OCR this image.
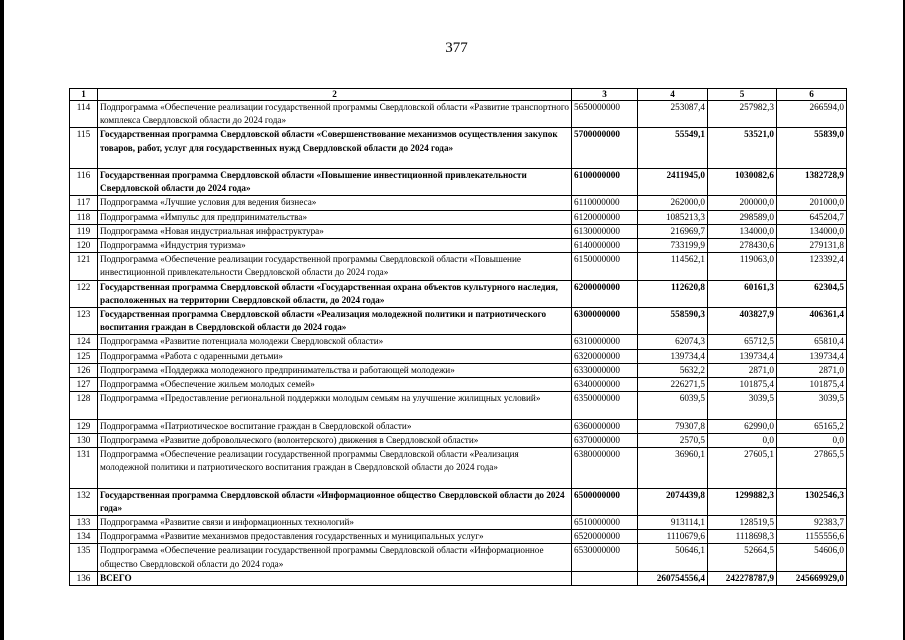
377
1	2	3	4	5	6
114	Подпрограмма «Обеспечение реализации государственной программы Свердловской области «Развитие транспортного комплекса Свердловской области до 2024 года»	5650000000	253087,4	257982,3	266594,0
115	Государственная программа Свердловской области «Совершенствование механизмов осуществления закупок товаров, работ, услуг для государственных нужд Свердловской области до 2024 года»	5700000000	55549,1	53521,0	55839,0
116	Государственная программа Свердловской области «Повышение инвестиционной привлекательности Свердловской области до 2024 года»	6100000000	2411945,0	1030082,6	1382728,9
117	Подпрограмма «Лучшие условия для ведения бизнеса»	6110000000	262000,0	200000,0	201000,0
118	Подпрограмма «Импульс для предпринимательства»	6120000000	1085213,3	298589,0	645204,7
119	Подпрограмма «Новая индустриальная инфраструктура»	6130000000	216969,7	134000,0	134000,0
120	Подпрограмма «Индустрия туризма»	6140000000	733199,9	278430,6	279131,8
121	Подпрограмма «Обеспечение реализации государственной программы Свердловской области «Повышение инвестиционной привлекательности Свердловской области до 2024 года»	6150000000	114562,1	119063,0	123392,4
122	Государственная программа Свердловской области «Государственная охрана объектов культурного наследия, расположенных на территории Свердловской области, до 2024 года»	6200000000	112620,8	60161,3	62304,5
123	Государственная программа Свердловской области «Реализация молодежной политики и патриотического воспитания граждан в Свердловской области до 2024 года»	6300000000	558590,3	403827,9	406361,4
124	Подпрограмма «Развитие потенциала молодежи Свердловской области»	6310000000	62074,3	65712,5	65810,4
125	Подпрограмма «Работа с одаренными детьми»	6320000000	139734,4	139734,4	139734,4
126	Подпрограмма «Поддержка молодежного предпринимательства и работающей молодежи»	6330000000	5632,2	2871,0	2871,0
127	Подпрограмма «Обеспечение жильем молодых семей»	6340000000	226271,5	101875,4	101875,4
128	Подпрограмма «Предоставление региональной поддержки молодым семьям на улучшение жилищных условий»	6350000000	6039,5	3039,5	3039,5
129	Подпрограмма «Патриотическое воспитание граждан в Свердловской области»	6360000000	79307,8	62990,0	65165,2
130	Подпрограмма «Развитие добровольческого (волонтерского) движения в Свердловской области»	6370000000	2570,5	0,0	0,0
131	Подпрограмма «Обеспечение реализации государственной программы Свердловской области «Реализация молодежной политики и патриотического воспитания граждан в Свердловской области до 2024 года»	6380000000	36960,1	27605,1	27865,5
132	Государственная программа Свердловской области «Информационное общество Свердловской области до 2024 года»	6500000000	2074439,8	1299882,3	1302546,3
133	Подпрограмма «Развитие связи и информационных технологий»	6510000000	913114,1	128519,5	92383,7
134	Подпрограмма «Развитие механизмов предоставления государственных и муниципальных услуг»	6520000000	1110679,6	1118698,3	1155556,6
135	Подпрограмма «Обеспечение реализации государственной программы Свердловской области «Информационное общество Свердловской области до 2024 года»	6530000000	50646,1	52664,5	54606,0
136	ВСЕГО		260754556,4	242278787,9	245669929,0
